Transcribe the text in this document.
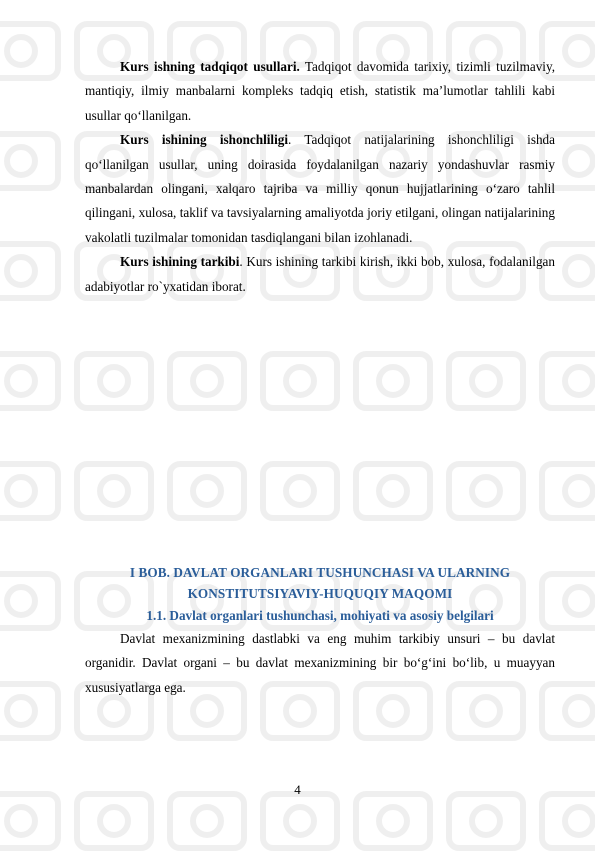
Kurs ishning tadqiqot usullari. Tadqiqot davomida tarixiy, tizimli tuzilmaviy, mantiqiy, ilmiy manbalarni kompleks tadqiq etish, statistik maʼlumotlar tahlili kabi usullar qoʻllanilgan.

Kurs ishining ishonchliligi. Tadqiqot natijalarining ishonchliligi ishda qoʻllanilgan usullar, uning doirasida foydalanilgan nazariy yondashuvlar rasmiy manbalardan olingani, xalqaro tajriba va milliy qonun hujjatlarining oʻzaro tahlil qilingani, xulosa, taklif va tavsiyalarning amaliyotda joriy etilgani, olingan natijalarining vakolatli tuzilmalar tomonidan tasdiqlangani bilan izohlanadi.

Kurs ishining tarkibi. Kurs ishining tarkibi kirish, ikki bob, xulosa, fodalanilgan adabiyotlar ro`yxatidan iborat.

I BOB. DAVLAT ORGANLARI TUSHUNCHASI VA ULARNING
KONSTITUTSIYAVIY-HUQUQIY MAQOMI
1.1. Davlat organlari tushunchasi, mohiyati va asosiy belgilari

Davlat mexanizmining dastlabki va eng muhim tarkibiy unsuri – bu davlat organidir. Davlat organi – bu davlat mexanizmining bir bo‘g‘ini bo‘lib, u muayyan xususiyatlarga ega.

4
